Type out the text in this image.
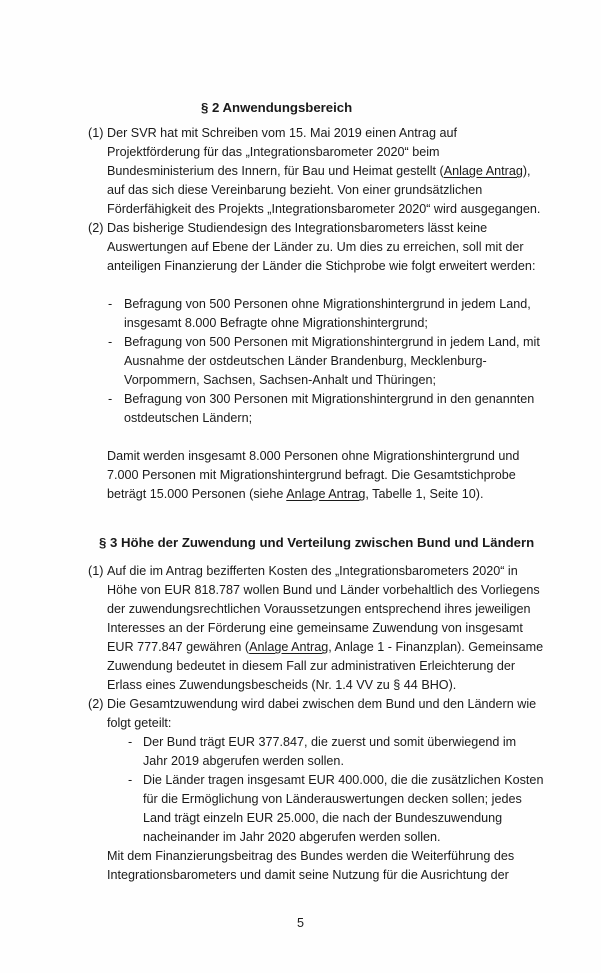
§ 2 Anwendungsbereich
(1) Der SVR hat mit Schreiben vom 15. Mai 2019 einen Antrag auf
Projektförderung für das „Integrationsbarometer 2020“ beim
Bundesministerium des Innern, für Bau und Heimat gestellt (Anlage Antrag),
auf das sich diese Vereinbarung bezieht. Von einer grundsätzlichen
Förderfähigkeit des Projekts „Integrationsbarometer 2020“ wird ausgegangen.
(2) Das bisherige Studiendesign des Integrationsbarometers lässt keine
Auswertungen auf Ebene der Länder zu. Um dies zu erreichen, soll mit der
anteiligen Finanzierung der Länder die Stichprobe wie folgt erweitert werden:
- Befragung von 500 Personen ohne Migrationshintergrund in jedem Land,
insgesamt 8.000 Befragte ohne Migrationshintergrund;
- Befragung von 500 Personen mit Migrationshintergrund in jedem Land, mit
Ausnahme der ostdeutschen Länder Brandenburg, Mecklenburg-
Vorpommern, Sachsen, Sachsen-Anhalt und Thüringen;
- Befragung von 300 Personen mit Migrationshintergrund in den genannten
ostdeutschen Ländern;
Damit werden insgesamt 8.000 Personen ohne Migrationshintergrund und
7.000 Personen mit Migrationshintergrund befragt. Die Gesamtstichprobe
beträgt 15.000 Personen (siehe Anlage Antrag, Tabelle 1, Seite 10).
§ 3 Höhe der Zuwendung und Verteilung zwischen Bund und Ländern
(1) Auf die im Antrag bezifferten Kosten des „Integrationsbarometers 2020“ in
Höhe von EUR 818.787 wollen Bund und Länder vorbehaltlich des Vorliegens
der zuwendungsrechtlichen Voraussetzungen entsprechend ihres jeweiligen
Interesses an der Förderung eine gemeinsame Zuwendung von insgesamt
EUR 777.847 gewähren (Anlage Antrag, Anlage 1 - Finanzplan). Gemeinsame
Zuwendung bedeutet in diesem Fall zur administrativen Erleichterung der
Erlass eines Zuwendungsbescheids (Nr. 1.4 VV zu § 44 BHO).
(2) Die Gesamtzuwendung wird dabei zwischen dem Bund und den Ländern wie
folgt geteilt:
- Der Bund trägt EUR 377.847, die zuerst und somit überwiegend im
Jahr 2019 abgerufen werden sollen.
- Die Länder tragen insgesamt EUR 400.000, die die zusätzlichen Kosten
für die Ermöglichung von Länderauswertungen decken sollen; jedes
Land trägt einzeln EUR 25.000, die nach der Bundeszuwendung
nacheinander im Jahr 2020 abgerufen werden sollen.
Mit dem Finanzierungsbeitrag des Bundes werden die Weiterführung des
Integrationsbarometers und damit seine Nutzung für die Ausrichtung der
5
